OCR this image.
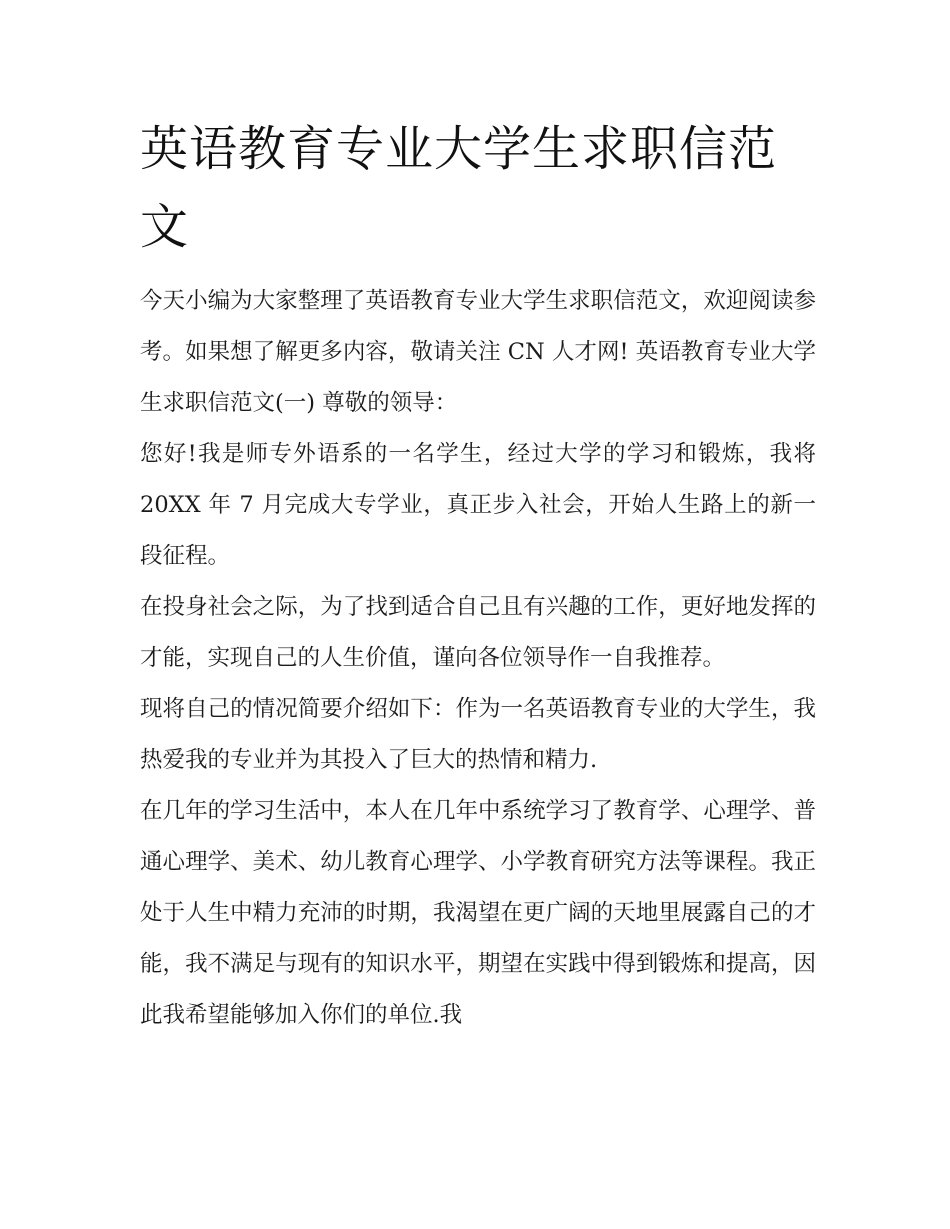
英语教育专业大学生求职信范文

今天小编为大家整理了英语教育专业大学生求职信范文，欢迎阅读参考。如果想了解更多内容，敬请关注 CN 人才网! 英语教育专业大学生求职信范文(一) 尊敬的领导：

您好!我是师专外语系的一名学生，经过大学的学习和锻炼，我将 20XX 年 7 月完成大专学业，真正步入社会，开始人生路上的新一段征程。

在投身社会之际，为了找到适合自己且有兴趣的工作，更好地发挥的才能，实现自己的人生价值，谨向各位领导作一自我推荐。

现将自己的情况简要介绍如下：作为一名英语教育专业的大学生，我热爱我的专业并为其投入了巨大的热情和精力.

在几年的学习生活中，本人在几年中系统学习了教育学、心理学、普通心理学、美术、幼儿教育心理学、小学教育研究方法等课程。我正处于人生中精力充沛的时期，我渴望在更广阔的天地里展露自己的才能，我不满足与现有的知识水平，期望在实践中得到锻炼和提高，因此我希望能够加入你们的单位.我
